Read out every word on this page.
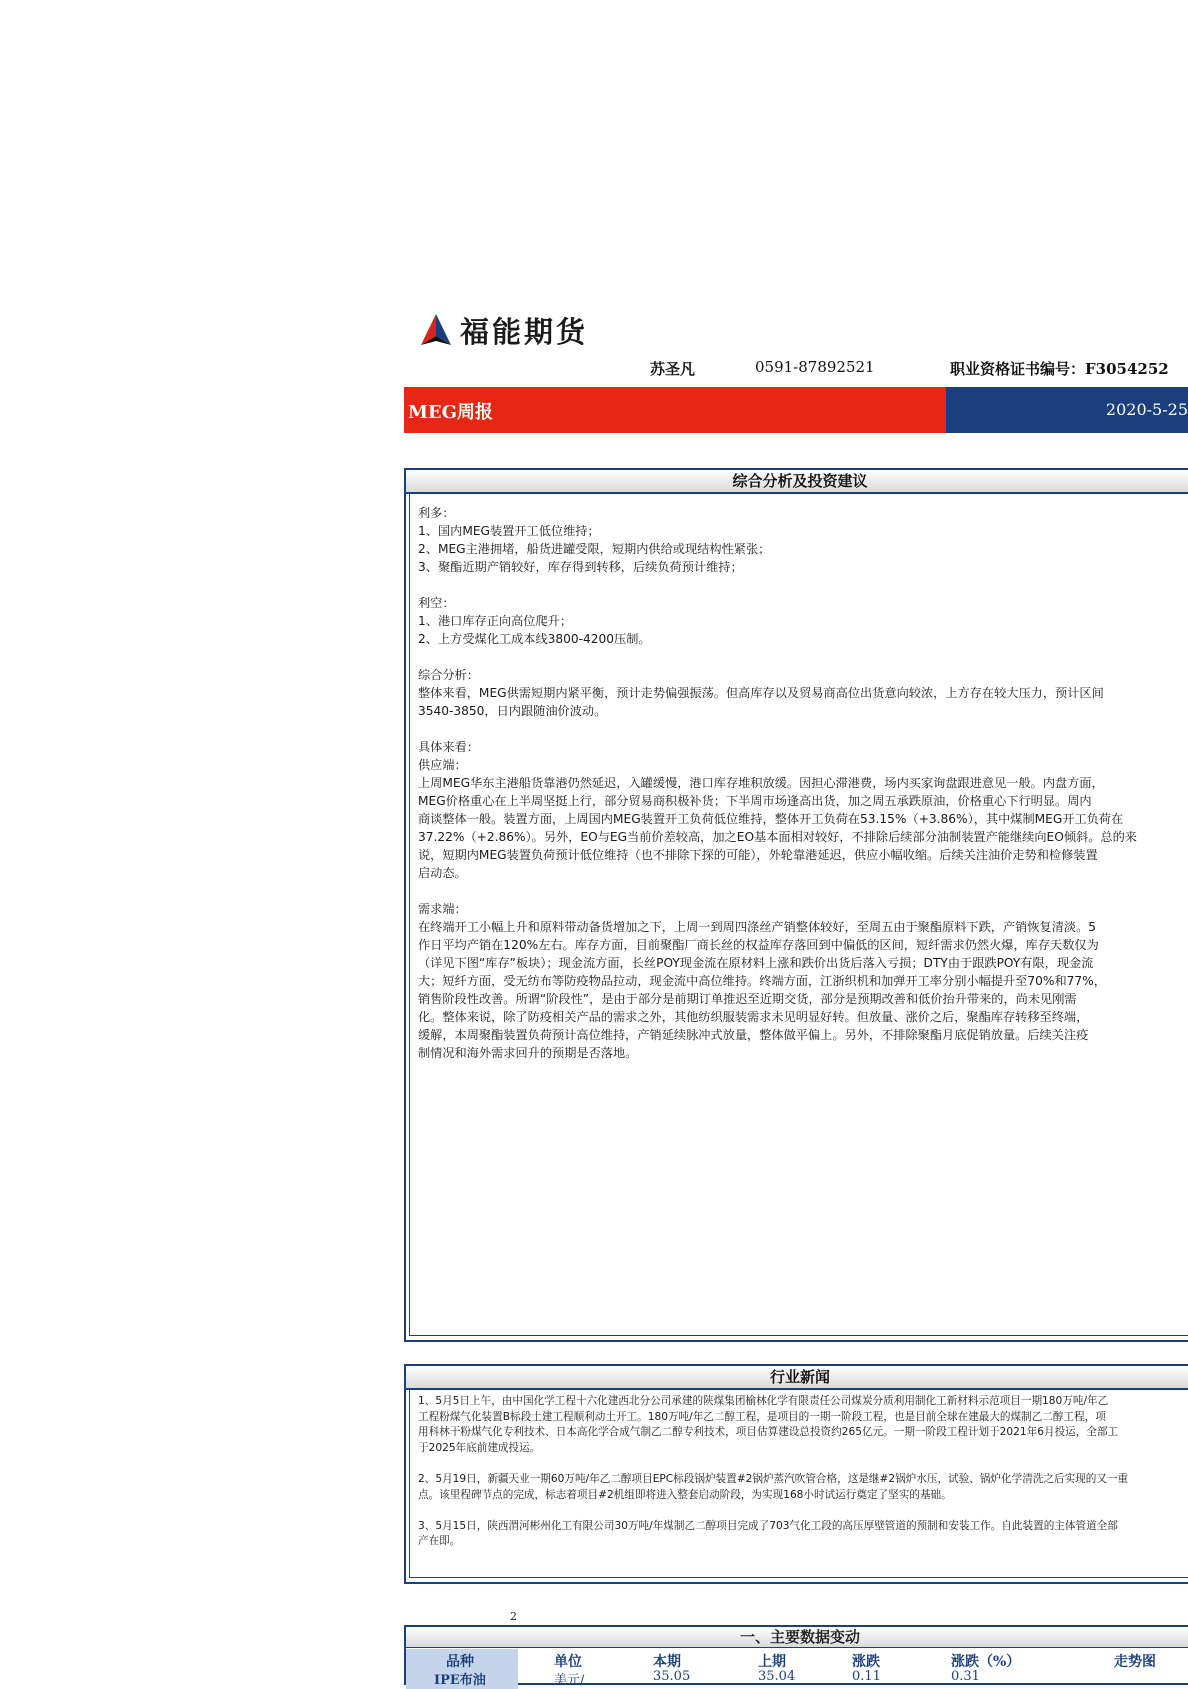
福能期货
苏圣凡	0591-87892521	职业资格证书编号：F3054252
MEG周报	2020-5-25
综合分析及投资建议

利多：

1、国内MEG装置开工低位维持；

2、MEG主港拥堵，船货进罐受限，短期内供给或现结构性紧张；

3、聚酯近期产销较好，库存得到转移，后续负荷预计维持；

利空：

1、港口库存正向高位爬升；

2、上方受煤化工成本线3800-4200压制。

综合分析：

整体来看，MEG供需短期内紧平衡，预计走势偏强振荡。但高库存以及贸易商高位出货意向较浓，上方存在较大压力，预计区间

3540-3850，日内跟随油价波动。

具体来看：

供应端：

上周MEG华东主港船货靠港仍然延迟，入罐缓慢，港口库存堆积放缓。因担心滞港费，场内买家询盘跟进意见一般。内盘方面，

MEG价格重心在上半周坚挺上行，部分贸易商积极补货；下半周市场逢高出货，加之周五承跌原油，价格重心下行明显。周内

商谈整体一般。装置方面，上周国内MEG装置开工负荷低位维持，整体开工负荷在53.15%（+3.86%），其中煤制MEG开工负荷在

37.22%（+2.86%）。另外，EO与EG当前价差较高，加之EO基本面相对较好，不排除后续部分油制装置产能继续向EO倾斜。总的来

说，短期内MEG装置负荷预计低位维持（也不排除下探的可能），外轮靠港延迟，供应小幅收缩。后续关注油价走势和检修装置

启动态。

需求端：

在终端开工小幅上升和原料带动备货增加之下，上周一到周四涤丝产销整体较好，至周五由于聚酯原料下跌，产销恢复清淡。5

作日平均产销在120%左右。库存方面，目前聚酯厂商长丝的权益库存落回到中偏低的区间，短纤需求仍然火爆，库存天数仅为

（详见下图“库存”板块）；现金流方面，长丝POY现金流在原材料上涨和跌价出货后落入亏损；DTY由于跟跌POY有限，现金流

大；短纤方面，受无纺布等防疫物品拉动，现金流中高位维持。终端方面，江浙织机和加弹开工率分别小幅提升至70%和77%，

销售阶段性改善。所谓“阶段性”，是由于部分是前期订单推迟至近期交货，部分是预期改善和低价抬升带来的，尚未见刚需

化。整体来说，除了防疫相关产品的需求之外，其他纺织服装需求未见明显好转。但放量、涨价之后，聚酯库存转移至终端，

缓解，本周聚酯装置负荷预计高位维持，产销延续脉冲式放量，整体做平偏上。另外，不排除聚酯月底促销放量。后续关注疫

制情况和海外需求回升的预期是否落地。

行业新闻

1、5月5日上午，由中国化学工程十六化建西北分公司承建的陕煤集团榆林化学有限责任公司煤炭分质利用制化工新材料示范项目一期180万吨/年乙

工程粉煤气化装置B标段土建工程顺利动土开工。180万吨/年乙二醇工程，是项目的一期一阶段工程，也是目前全球在建最大的煤制乙二醇工程，项

用科林干粉煤气化专利技术、日本高化学合成气制乙二醇专利技术，项目估算建设总投资约265亿元。一期一阶段工程计划于2021年6月投运，全部工

于2025年底前建成投运。

2、5月19日，新疆天业一期60万吨/年乙二醇项目EPC标段锅炉装置#2锅炉蒸汽吹管合格，这是继#2锅炉水压，试验、锅炉化学清洗之后实现的又一重

点。该里程碑节点的完成，标志着项目#2机组即将进入整套启动阶段，为实现168小时试运行奠定了坚实的基础。

3、5月15日，陕西渭河彬州化工有限公司30万吨/年煤制乙二醇项目完成了703气化工段的高压厚壁管道的预制和安装工作。自此装置的主体管道全部

产在即。

2
一、主要数据变动
品种	单位	本期	上期	涨跌	涨跌（%）	走势图
IPE布油	美元/	35.05	35.04	0.11	0.31
